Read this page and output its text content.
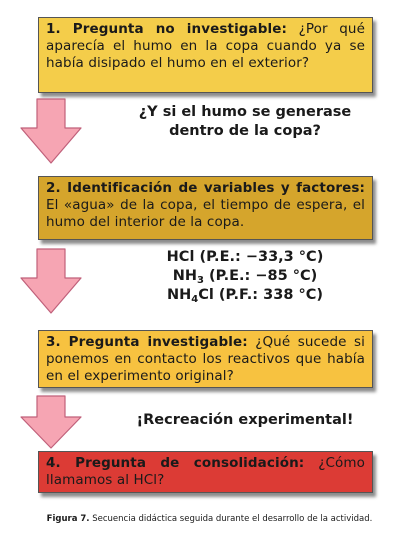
1. Pregunta no investigable: ¿Por qué aparecía el humo en la copa cuando ya se había disipado el humo en el exterior?
¿Y si el humo se generase dentro de la copa?
2. Identificación de variables y factores: El «agua» de la copa, el tiempo de espera, el humo del interior de la copa.
HCl (P.E.: −33,3 °C)
$NH_3$ (P.E.: −85 °C)
$NH_4Cl$ (P.F.: 338 °C)
3. Pregunta investigable: ¿Qué sucede si ponemos en contacto los reactivos que había en el experimento original?
¡Recreación experimental!
4. Pregunta de consolidación: ¿Cómo llamamos al HCl?
Figura 7. Secuencia didáctica seguida durante el desarrollo de la actividad.
